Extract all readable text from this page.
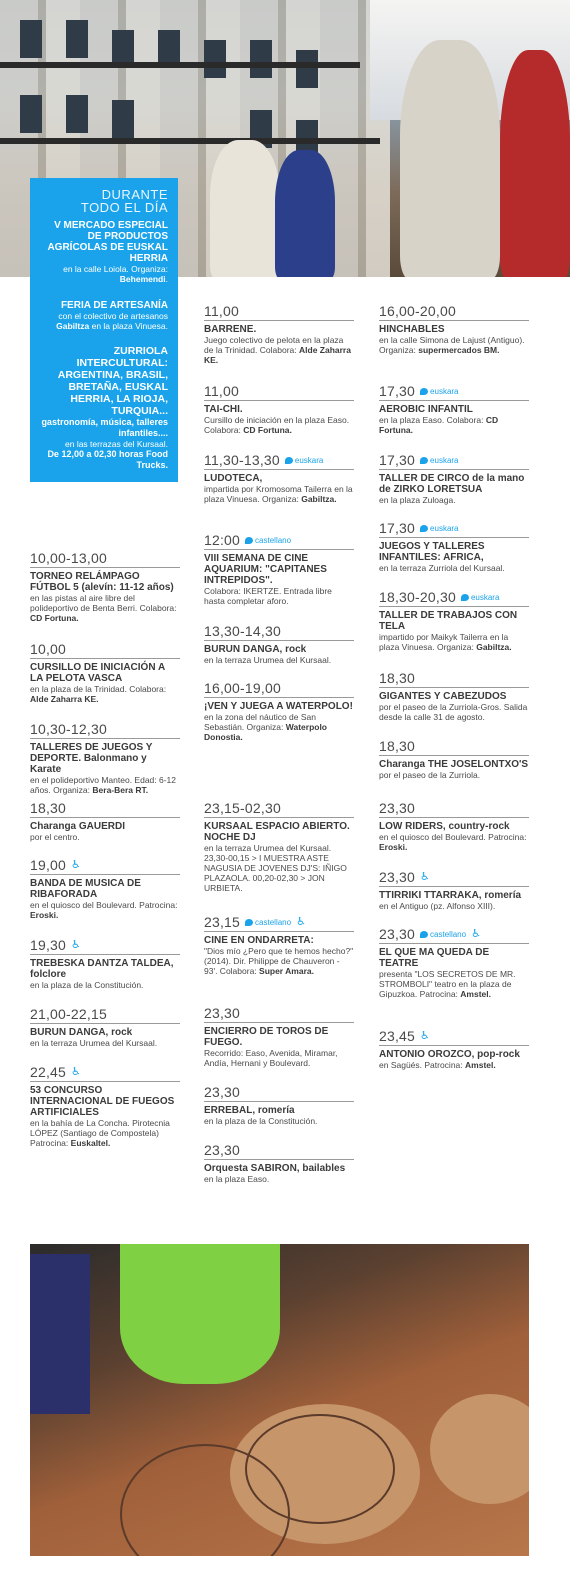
DURANTE
TODO EL DÍA
V MERCADO ESPECIAL DE PRODUCTOS AGRÍCOLAS DE EUSKAL HERRIA
en la calle Loiola. Organiza: Behemendi.
FERIA DE ARTESANÍA
con el colectivo de artesanos
Gabiltza en la plaza Vinuesa.
ZURRIOLA INTERCULTURAL: ARGENTINA, BRASIL, BRETAÑA, EUSKAL HERRIA, LA RIOJA, TURQUIA...
gastronomía, música, talleres infantiles....
en las terrazas del Kursaal.
De 12,00 a 02,30 horas Food Trucks.
10,00-13,00
TORNEO RELÁMPAGO FÚTBOL 5 (alevín: 11-12 años)
en las pistas al aire libre del polideportivo de Benta Berri. Colabora: CD Fortuna.
10,00
CURSILLO DE INICIACIÓN A LA PELOTA VASCA
en la plaza de la Trinidad. Colabora: Alde Zaharra KE.
10,30-12,30
TALLERES DE JUEGOS Y DEPORTE. Balonmano y Karate
en el polideportivo Manteo. Edad: 6-12 años. Organiza: Bera-Bera RT.
18,30
Charanga GAUERDI
por el centro.
19,00 ♿
BANDA DE MUSICA DE RIBAFORADA
en el quiosco del Boulevard. Patrocina: Eroski.
19,30 ♿
TREBESKA DANTZA TALDEA, folclore
en la plaza de la Constitución.
21,00-22,15
BURUN DANGA, rock
en la terraza Urumea del Kursaal.
22,45 ♿
53 CONCURSO INTERNACIONAL DE FUEGOS ARTIFICIALES
en la bahía de La Concha. Pirotecnia LÓPEZ (Santiago de Compostela) Patrocina: Euskaltel.
11,00
BARRENE.
Juego colectivo de pelota en la plaza de la Trinidad. Colabora: Alde Zaharra KE.
11,00
TAI-CHI.
Cursillo de iniciación en la plaza Easo. Colabora: CD Fortuna.
11,30-13,30 euskara
LUDOTECA,
impartida por Kromosoma Tailerra en la plaza Vinuesa. Organiza: Gabiltza.
12:00 castellano
VIII SEMANA DE CINE AQUARIUM: "CAPITANES INTREPIDOS".
Colabora: IKERTZE. Entrada libre hasta completar aforo.
13,30-14,30
BURUN DANGA, rock
en la terraza Urumea del Kursaal.
16,00-19,00
¡VEN Y JUEGA A WATERPOLO!
en la zona del náutico de San Sebastián. Organiza: Waterpolo Donostia.
23,15-02,30
KURSAAL ESPACIO ABIERTO. NOCHE DJ
en la terraza Urumea del Kursaal. 23,30-00,15 > I MUESTRA ASTE NAGUSIA DE JOVENES DJ'S: IÑIGO PLAZAOLA. 00,20-02,30 > JON URBIETA.
23,15 castellano ♿
CINE EN ONDARRETA:
"Dios mío ¿Pero que te hemos hecho?" (2014). Dir. Philippe de Chauveron - 93'. Colabora: Super Amara.
23,30
ENCIERRO DE TOROS DE FUEGO.
Recorrido: Easo, Avenida, Miramar, Andía, Hernani y Boulevard.
23,30
ERREBAL, romería
en la plaza de la Constitución.
23,30
Orquesta SABIRON, bailables
en la plaza Easo.
16,00-20,00
HINCHABLES
en la calle Simona de Lajust (Antiguo). Organiza: supermercados BM.
17,30 euskara
AEROBIC INFANTIL
en la plaza Easo. Colabora: CD Fortuna.
17,30 euskara
TALLER DE CIRCO de la mano de ZIRKO LORETSUA
en la plaza Zuloaga.
17,30 euskara
JUEGOS Y TALLERES INFANTILES: AFRICA,
en la terraza Zurriola del Kursaal.
18,30-20,30 euskara
TALLER DE TRABAJOS CON TELA
impartido por Maikyk Tailerra en la plaza Vinuesa. Organiza: Gabiltza.
18,30
GIGANTES Y CABEZUDOS
por el paseo de la Zurriola-Gros. Salida desde la calle 31 de agosto.
18,30
Charanga THE JOSELONTXO'S
por el paseo de la Zurriola.
23,30
LOW RIDERS, country-rock
en el quiosco del Boulevard. Patrocina: Eroski.
23,30 ♿
TTIRRIKI TTARRAKA, romería
en el Antiguo (pz. Alfonso XIII).
23,30 castellano ♿
EL QUE MA QUEDA DE TEATRE
presenta "LOS SECRETOS DE MR. STROMBOLI" teatro en la plaza de Gipuzkoa. Patrocina: Amstel.
23,45 ♿
ANTONIO OROZCO, pop-rock
en Sagüés. Patrocina: Amstel.
